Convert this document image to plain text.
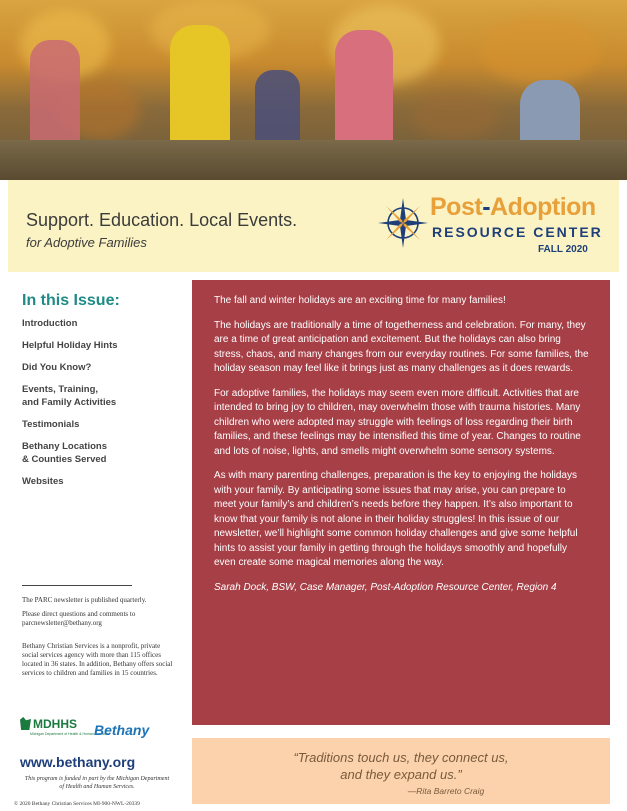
Support. Education. Local Events.
for Adoptive Families
Post-Adoption
RESOURCE CENTER
FALL 2020
In this Issue:
Introduction
Helpful Holiday Hints
Did You Know?
Events, Training,
and Family Activities
Testimonials
Bethany Locations
& Counties Served
Websites
The PARC newsletter is published quarterly.
Please direct questions and comments to parcnewsletter@bethany.org
Bethany Christian Services is a nonprofit, private social services agency with more than 115 offices located in 36 states. In addition, Bethany offers social services to children and families in 15 countries.
MDHHS
Michigan Department of Health & Human Services
Bethany
www.bethany.org
This program is funded in part by the Michigan Department of Health and Human Services.
© 2020 Bethany Christian Services MI-900-NWL-20339

The fall and winter holidays are an exciting time for many families!

The holidays are traditionally a time of togetherness and celebration. For many, they are a time of great anticipation and excitement. But the holidays can also bring stress, chaos, and many changes from our everyday routines. For some families, the holiday season may feel like it brings just as many challenges as it does rewards.

For adoptive families, the holidays may seem even more difficult. Activities that are intended to bring joy to children, may overwhelm those with trauma histories. Many children who were adopted may struggle with feelings of loss regarding their birth families, and these feelings may be intensified this time of year. Changes to routine and lots of noise, lights, and smells might overwhelm some sensory systems.

As with many parenting challenges, preparation is the key to enjoying the holidays with your family. By anticipating some issues that may arise, you can prepare to meet your family’s and children’s needs before they happen. It’s also important to know that your family is not alone in their holiday struggles! In this issue of our newsletter, we’ll highlight some common holiday challenges and give some helpful hints to assist your family in getting through the holidays smoothly and hopefully even create some magical memories along the way.

Sarah Dock, BSW, Case Manager, Post-Adoption Resource Center, Region 4

“Traditions touch us, they connect us,
and they expand us.”
—Rita Barreto Craig
